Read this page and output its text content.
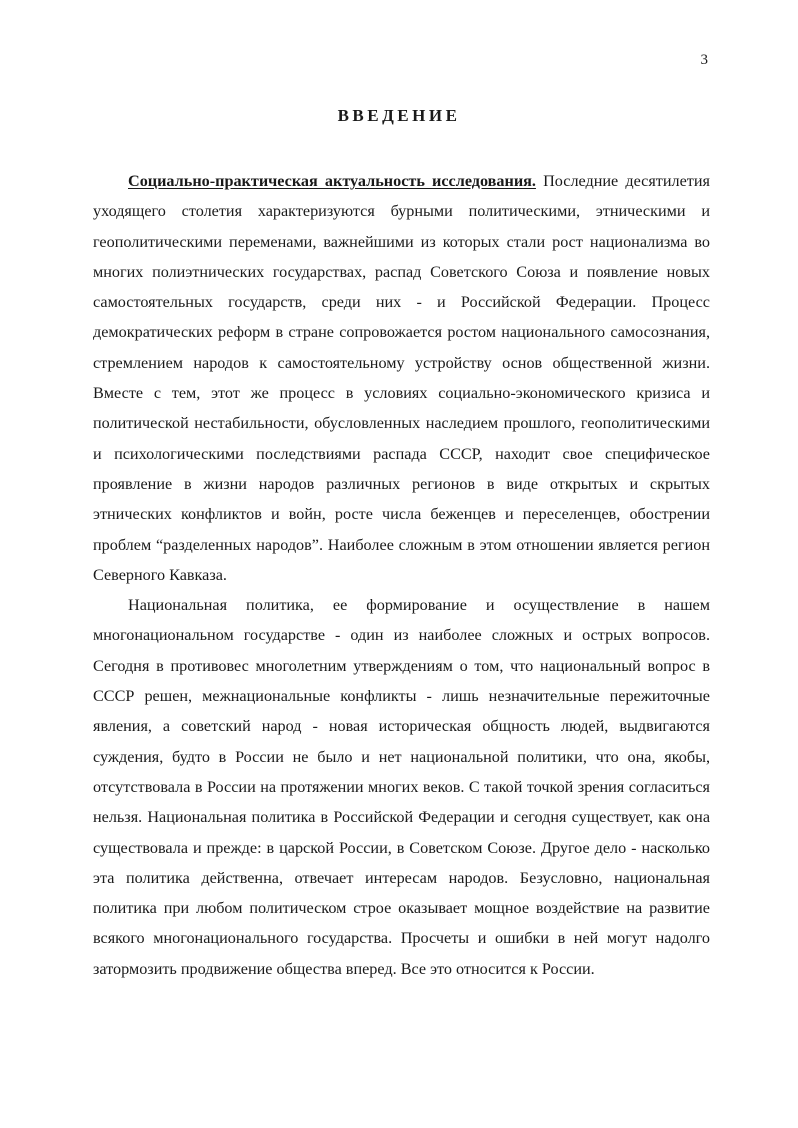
3
ВВЕДЕНИЕ

Социально-практическая актуальность исследования. Последние десятилетия уходящего столетия характеризуются бурными политическими, этническими и геополитическими переменами, важнейшими из которых стали рост национализма во многих полиэтнических государствах, распад Советского Союза и появление новых самостоятельных государств, среди них - и Российской Федерации. Процесс демократических реформ в стране сопровожается ростом национального самосознания, стремлением народов к самостоятельному устройству основ общественной жизни. Вместе с тем, этот же процесс в условиях социально-экономического кризиса и политической нестабильности, обусловленных наследием прошлого, геополитическими и психологическими последствиями распада СССР, находит свое специфическое проявление в жизни народов различных регионов в виде открытых и скрытых этнических конфликтов и войн, росте числа беженцев и переселенцев, обострении проблем “разделенных народов”. Наиболее сложным в этом отношении является регион Северного Кавказа.

Национальная политика, ее формирование и осуществление в нашем многонациональном государстве - один из наиболее сложных и острых вопросов. Сегодня в противовес многолетним утверждениям о том, что национальный вопрос в СССР решен, межнациональные конфликты - лишь незначительные пережиточные явления, а советский народ - новая историческая общность людей, выдвигаются суждения, будто в России не было и нет национальной политики, что она, якобы, отсутствовала в России на протяжении многих веков. С такой точкой зрения согласиться нельзя. Национальная политика в Российской Федерации и сегодня существует, как она существовала и прежде: в царской России, в Советском Союзе. Другое дело - насколько эта политика действенна, отвечает интересам народов. Безусловно, национальная политика при любом политическом строе оказывает мощное воздействие на развитие всякого многонационального государства. Просчеты и ошибки в ней могут надолго затормозить продвижение общества вперед. Все это относится к России.
